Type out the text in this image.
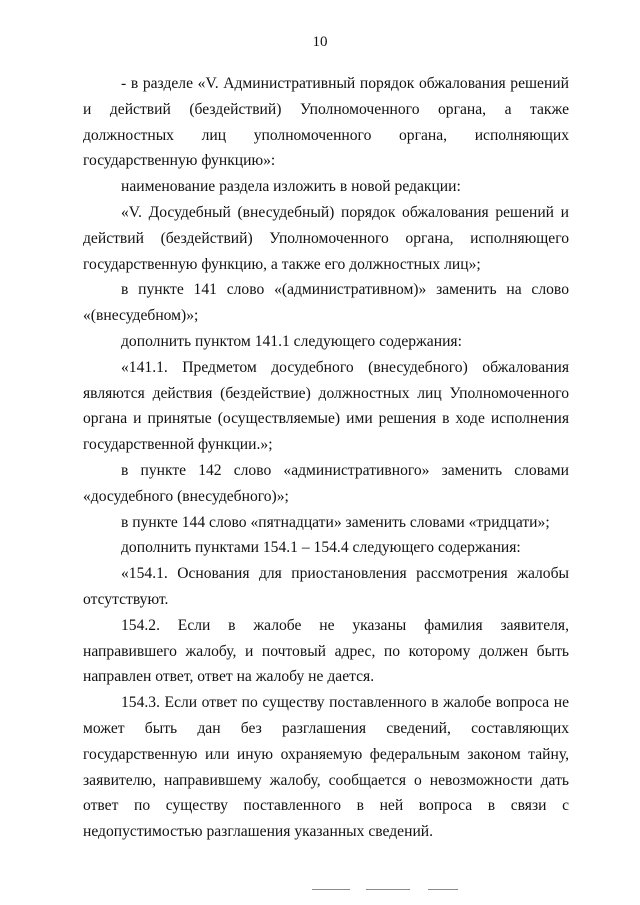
10

- в разделе «V. Административный порядок обжалования решений и действий (бездействий) Уполномоченного органа, а также должностных лиц уполномоченного органа, исполняющих государственную функцию»:

наименование раздела изложить в новой редакции:

«V. Досудебный (внесудебный) порядок обжалования решений и действий (бездействий) Уполномоченного органа, исполняющего государственную функцию, а также его должностных лиц»;

в пункте 141 слово «(административном)» заменить на слово «(внесудебном)»;

дополнить пунктом 141.1 следующего содержания:

«141.1. Предметом досудебного (внесудебного) обжалования являются действия (бездействие) должностных лиц Уполномоченного органа и принятые (осуществляемые) ими решения в ходе исполнения государственной функции.»;

в пункте 142 слово «административного» заменить словами «досудебного (внесудебного)»;

в пункте 144 слово «пятнадцати» заменить словами «тридцати»;

дополнить пунктами 154.1 – 154.4 следующего содержания:

«154.1. Основания для приостановления рассмотрения жалобы отсутствуют.

154.2. Если в жалобе не указаны фамилия заявителя, направившего жалобу, и почтовый адрес, по которому должен быть направлен ответ, ответ на жалобу не дается.

154.3. Если ответ по существу поставленного в жалобе вопроса не может быть дан без разглашения сведений, составляющих государственную или иную охраняемую федеральным законом тайну, заявителю, направившему жалобу, сообщается о невозможности дать ответ по существу поставленного в ней вопроса в связи с недопустимостью разглашения указанных сведений.
